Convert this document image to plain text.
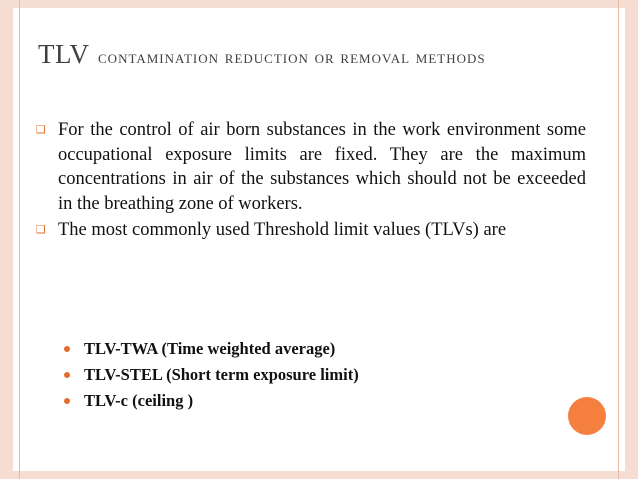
TLV contamination reduction or removal methods
❑ For the control of air born substances in the work environment some occupational exposure limits are fixed. They are the maximum concentrations in air of the substances which should not be exceeded in the breathing zone of workers.
❑ The most commonly used Threshold limit values (TLVs) are
TLV-TWA (Time weighted average)
TLV-STEL (Short term exposure limit)
TLV-c (ceiling )
